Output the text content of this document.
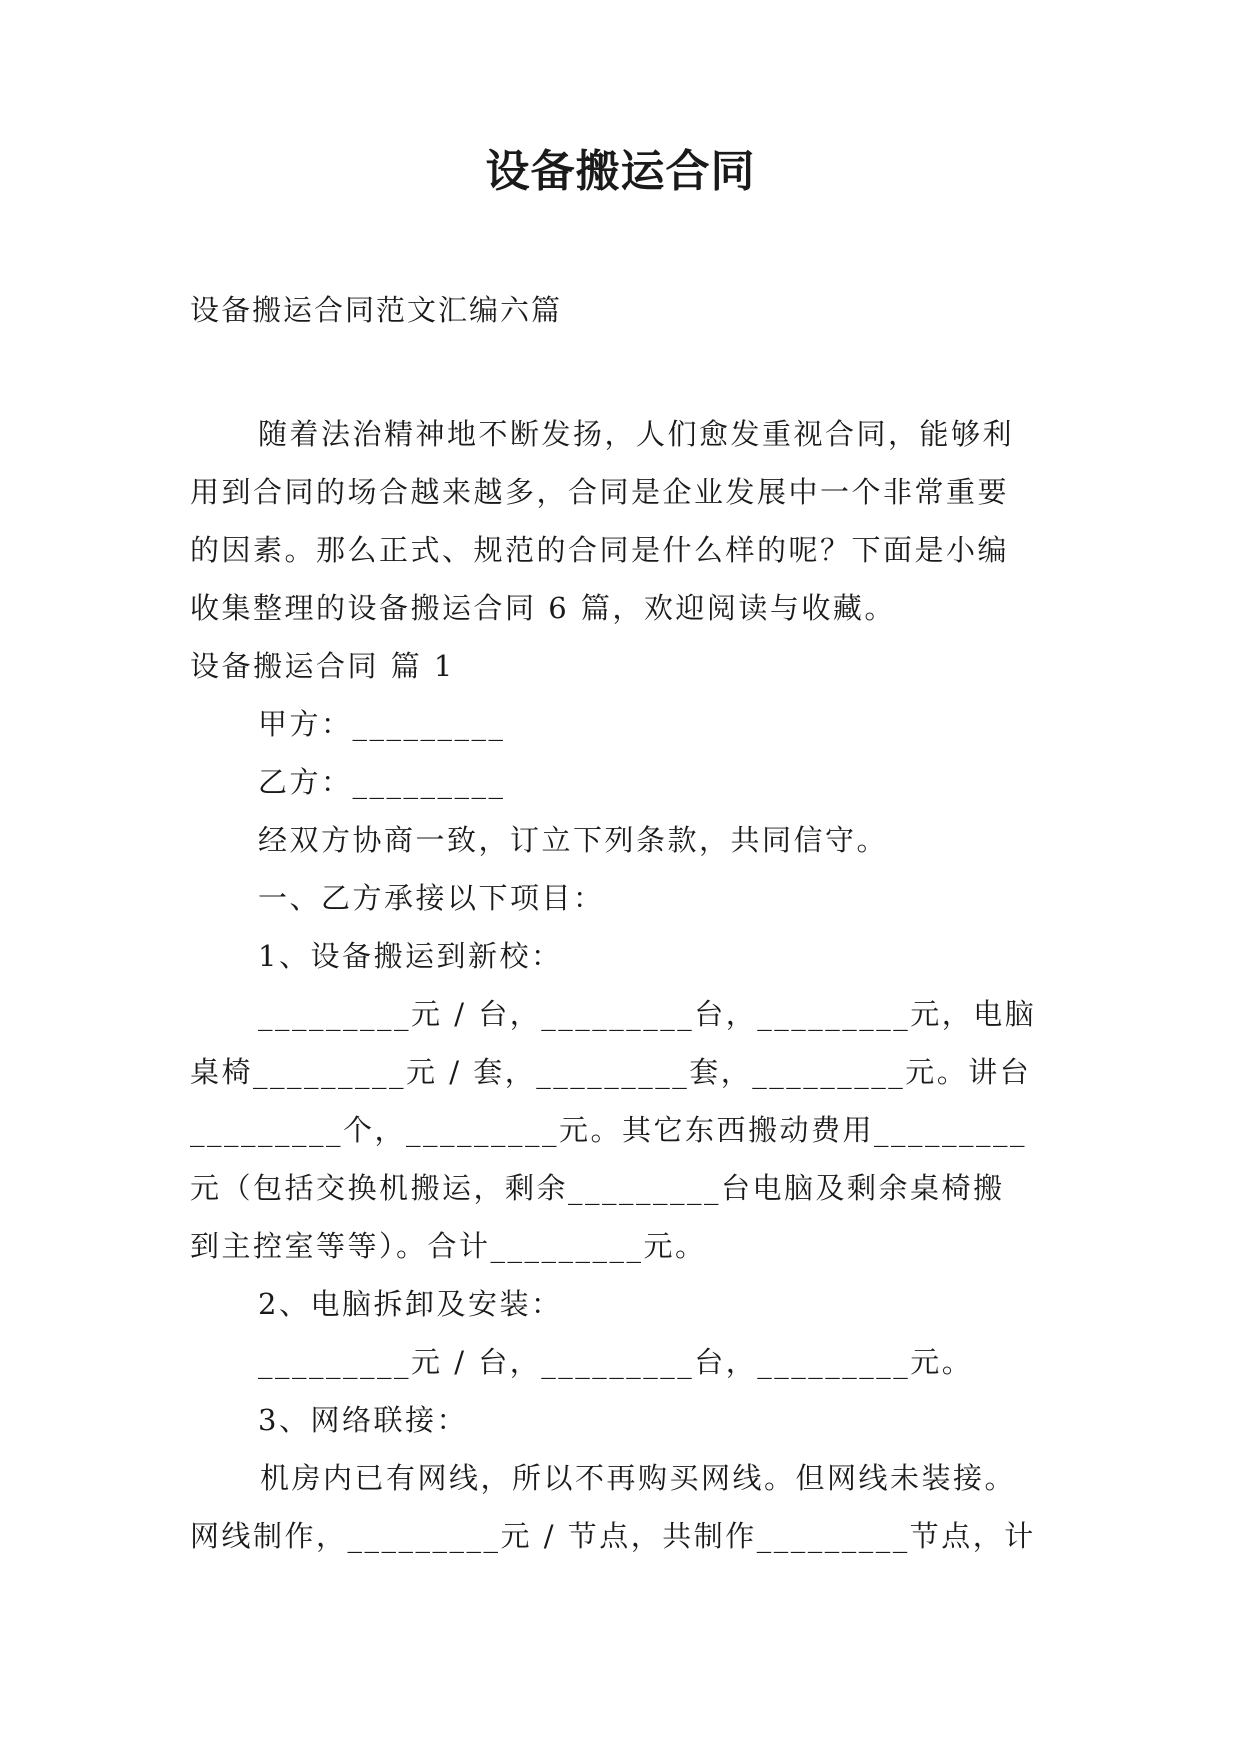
设备搬运合同
设备搬运合同范文汇编六篇

随着法治精神地不断发扬，人们愈发重视合同，能够利

用到合同的场合越来越多，合同是企业发展中一个非常重要

的因素。那么正式、规范的合同是什么样的呢？下面是小编

收集整理的设备搬运合同 6 篇，欢迎阅读与收藏。

设备搬运合同 篇 1

甲方：_________

乙方：_________

经双方协商一致，订立下列条款，共同信守。

一、乙方承接以下项目：

1、设备搬运到新校：

_________元 / 台，_________台，_________元，电脑

桌椅_________元 / 套，_________套，_________元。讲台

_________个，_________元。其它东西搬动费用_________

元（包括交换机搬运，剩余_________台电脑及剩余桌椅搬

到主控室等等）。合计_________元。

2、电脑拆卸及安装：

_________元 / 台，_________台，_________元。

3、网络联接：

机房内已有网线，所以不再购买网线。但网线未装接。

网线制作，_________元 / 节点，共制作_________节点，计
